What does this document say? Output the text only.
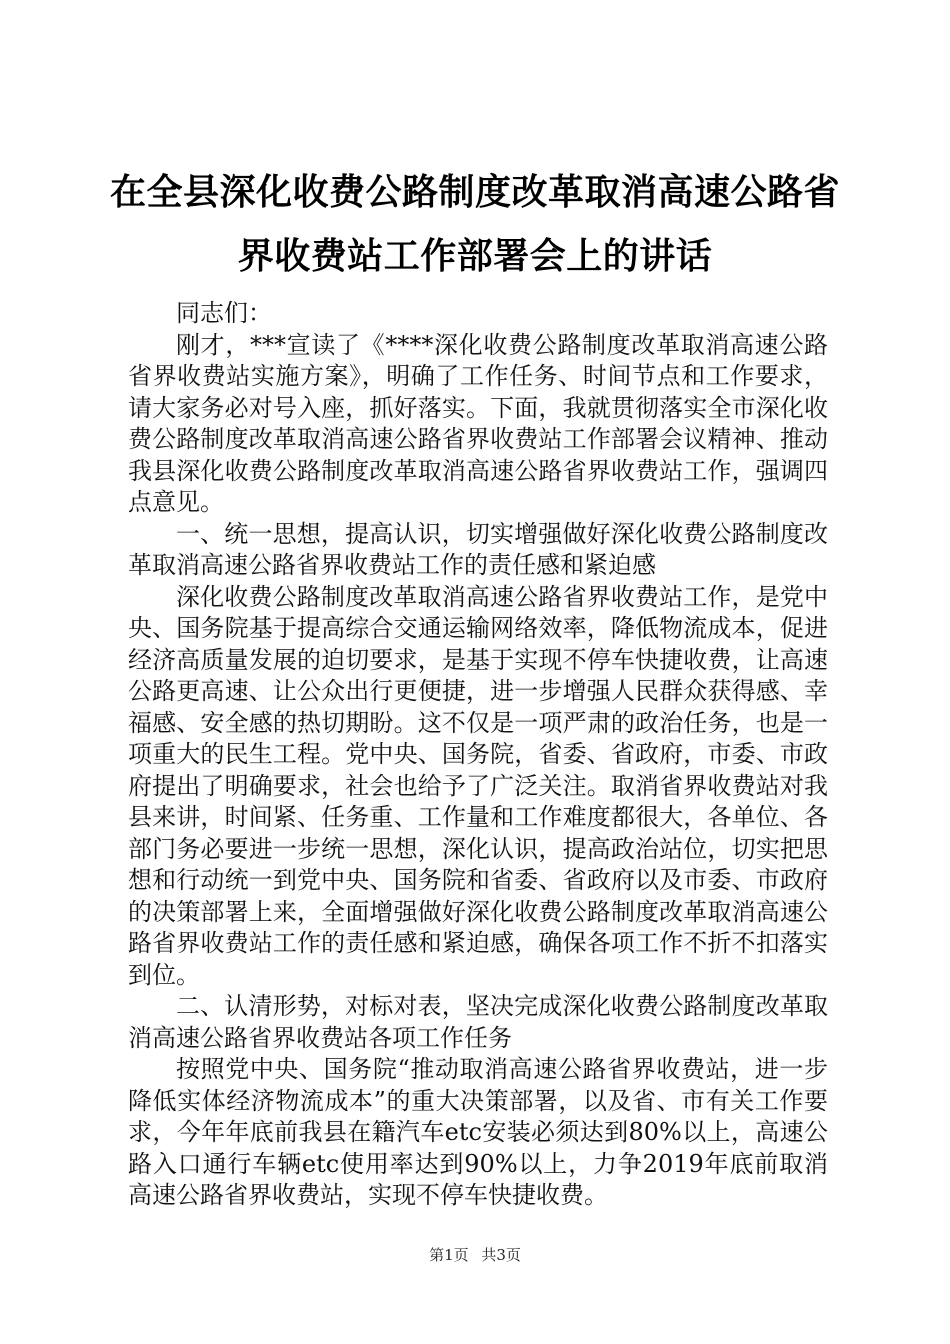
在全县深化收费公路制度改革取消高速公路省界收费站工作部署会上的讲话

同志们：

刚才，***宣读了《****深化收费公路制度改革取消高速公路省界收费站实施方案》，明确了工作任务、时间节点和工作要求，请大家务必对号入座，抓好落实。下面，我就贯彻落实全市深化收费公路制度改革取消高速公路省界收费站工作部署会议精神、推动我县深化收费公路制度改革取消高速公路省界收费站工作，强调四点意见。

一、统一思想，提高认识，切实增强做好深化收费公路制度改革取消高速公路省界收费站工作的责任感和紧迫感

深化收费公路制度改革取消高速公路省界收费站工作，是党中央、国务院基于提高综合交通运输网络效率，降低物流成本，促进经济高质量发展的迫切要求，是基于实现不停车快捷收费，让高速公路更高速、让公众出行更便捷，进一步增强人民群众获得感、幸福感、安全感的热切期盼。这不仅是一项严肃的政治任务，也是一项重大的民生工程。党中央、国务院，省委、省政府，市委、市政府提出了明确要求，社会也给予了广泛关注。取消省界收费站对我县来讲，时间紧、任务重、工作量和工作难度都很大，各单位、各部门务必要进一步统一思想，深化认识，提高政治站位，切实把思想和行动统一到党中央、国务院和省委、省政府以及市委、市政府的决策部署上来，全面增强做好深化收费公路制度改革取消高速公路省界收费站工作的责任感和紧迫感，确保各项工作不折不扣落实到位。

二、认清形势，对标对表，坚决完成深化收费公路制度改革取消高速公路省界收费站各项工作任务

按照党中央、国务院“推动取消高速公路省界收费站，进一步降低实体经济物流成本”的重大决策部署，以及省、市有关工作要求，今年年底前我县在籍汽车etc安装必须达到80%以上，高速公路入口通行车辆etc使用率达到90%以上，力争2019年底前取消高速公路省界收费站，实现不停车快捷收费。

第1页 共3页
